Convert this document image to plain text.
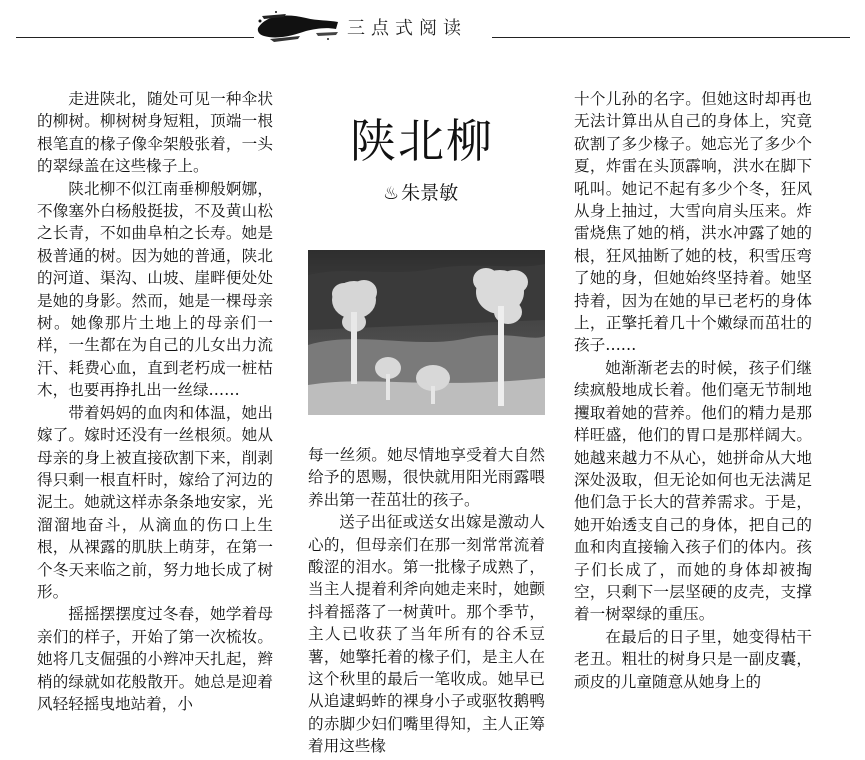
三点式阅读

走进陕北，随处可见一种伞状的柳树。柳树树身短粗，顶端一根根笔直的椽子像伞架般张着，一头的翠绿盖在这些椽子上。

陕北柳不似江南垂柳般婀娜，不像塞外白杨般挺拔，不及黄山松之长青，不如曲阜柏之长寿。她是极普通的树。因为她的普通，陕北的河道、渠沟、山坡、崖畔便处处是她的身影。然而，她是一棵母亲树。她像那片土地上的母亲们一样，一生都在为自己的儿女出力流汗、耗费心血，直到老朽成一桩枯木，也要再挣扎出一丝绿……

带着妈妈的血肉和体温，她出嫁了。嫁时还没有一丝根须。她从母亲的身上被直接砍割下来，削剥得只剩一根直杆时，嫁给了河边的泥土。她就这样赤条条地安家，光溜溜地奋斗，从滴血的伤口上生根，从裸露的肌肤上萌芽，在第一个冬天来临之前，努力地长成了树形。

摇摇摆摆度过冬春，她学着母亲们的样子，开始了第一次梳妆。她将几支倔强的小辫冲天扎起，辫梢的绿就如花般散开。她总是迎着风轻轻摇曳地站着，小

陕北柳
♨ 朱景敏

每一丝须。她尽情地享受着大自然给予的恩赐，很快就用阳光雨露喂养出第一茬茁壮的孩子。

送子出征或送女出嫁是激动人心的，但母亲们在那一刻常常流着酸涩的泪水。第一批椽子成熟了，当主人提着利斧向她走来时，她颤抖着摇落了一树黄叶。那个季节，主人已收获了当年所有的谷禾豆薯，她擎托着的椽子们，是主人在这个秋里的最后一笔收成。她早已从追逮蚂蚱的裸身小子或驱牧鹅鸭的赤脚少妇们嘴里得知，主人正筹着用这些椽

十个儿孙的名字。但她这时却再也无法计算出从自己的身体上，究竟砍割了多少椽子。她忘光了多少个夏，炸雷在头顶霹响，洪水在脚下吼叫。她记不起有多少个冬，狂风从身上抽过，大雪向肩头压来。炸雷烧焦了她的梢，洪水冲露了她的根，狂风抽断了她的枝，积雪压弯了她的身，但她始终坚持着。她坚持着，因为在她的早已老朽的身体上，正擎托着几十个嫩绿而茁壮的孩子……

她渐渐老去的时候，孩子们继续疯般地成长着。他们毫无节制地攫取着她的营养。他们的精力是那样旺盛，他们的胃口是那样阔大。她越来越力不从心，她拼命从大地深处汲取，但无论如何也无法满足他们急于长大的营养需求。于是，她开始透支自己的身体，把自己的血和肉直接输入孩子们的体内。孩子们长成了，而她的身体却被掏空，只剩下一层坚硬的皮壳，支撑着一树翠绿的重压。

在最后的日子里，她变得枯干老丑。粗壮的树身只是一副皮囊，顽皮的儿童随意从她身上的
